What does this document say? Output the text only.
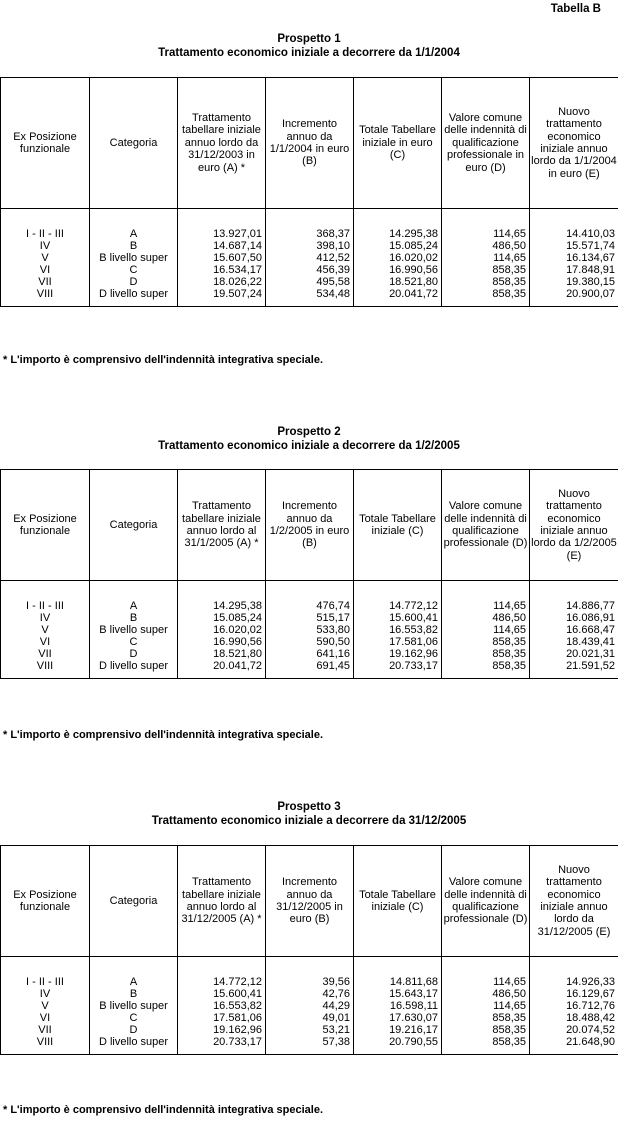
Tabella B
Prospetto 1
Trattamento economico iniziale a decorrere da 1/1/2004
Ex Posizione funzionale	Categoria	Trattamento tabellare iniziale annuo lordo da 31/12/2003 in euro (A) *	Incremento annuo da 1/1/2004 in euro (B)	Totale Tabellare iniziale in euro (C)	Valore comune delle indennità di qualificazione professionale in euro (D)	Nuovo trattamento economico iniziale annuo lordo da 1/1/2004 in euro (E)

I - II - III	A	13.927,01	368,37	14.295,38	114,65	14.410,03
IV	B	14.687,14	398,10	15.085,24	486,50	15.571,74
V	B livello super	15.607,50	412,52	16.020,02	114,65	16.134,67
VI	C	16.534,17	456,39	16.990,56	858,35	17.848,91
VII	D	18.026,22	495,58	18.521,80	858,35	19.380,15
VIII	D livello super	19.507,24	534,48	20.041,72	858,35	20.900,07

* L'importo è comprensivo dell'indennità integrativa speciale.
Prospetto 2
Trattamento economico iniziale a decorrere da 1/2/2005
Ex Posizione funzionale	Categoria	Trattamento tabellare iniziale annuo lordo al 31/1/2005 (A) *	Incremento annuo da 1/2/2005 in euro (B)	Totale Tabellare iniziale (C)	Valore comune delle indennità di qualificazione professionale (D)	Nuovo trattamento economico iniziale annuo lordo da 1/2/2005 (E)

I - II - III	A	14.295,38	476,74	14.772,12	114,65	14.886,77
IV	B	15.085,24	515,17	15.600,41	486,50	16.086,91
V	B livello super	16.020,02	533,80	16.553,82	114,65	16.668,47
VI	C	16.990,56	590,50	17.581,06	858,35	18.439,41
VII	D	18.521,80	641,16	19.162,96	858,35	20.021,31
VIII	D livello super	20.041,72	691,45	20.733,17	858,35	21.591,52

* L'importo è comprensivo dell'indennità integrativa speciale.
Prospetto 3
Trattamento economico iniziale a decorrere da 31/12/2005
Ex Posizione funzionale	Categoria	Trattamento tabellare iniziale annuo lordo al 31/12/2005 (A) *	Incremento annuo da 31/12/2005 in euro (B)	Totale Tabellare iniziale (C)	Valore comune delle indennità di qualificazione professionale (D)	Nuovo trattamento economico iniziale annuo lordo da 31/12/2005 (E)

I - II - III	A	14.772,12	39,56	14.811,68	114,65	14.926,33
IV	B	15.600,41	42,76	15.643,17	486,50	16.129,67
V	B livello super	16.553,82	44,29	16.598,11	114,65	16.712,76
VI	C	17.581,06	49,01	17.630,07	858,35	18.488,42
VII	D	19.162,96	53,21	19.216,17	858,35	20.074,52
VIII	D livello super	20.733,17	57,38	20.790,55	858,35	21.648,90

* L'importo è comprensivo dell'indennità integrativa speciale.
